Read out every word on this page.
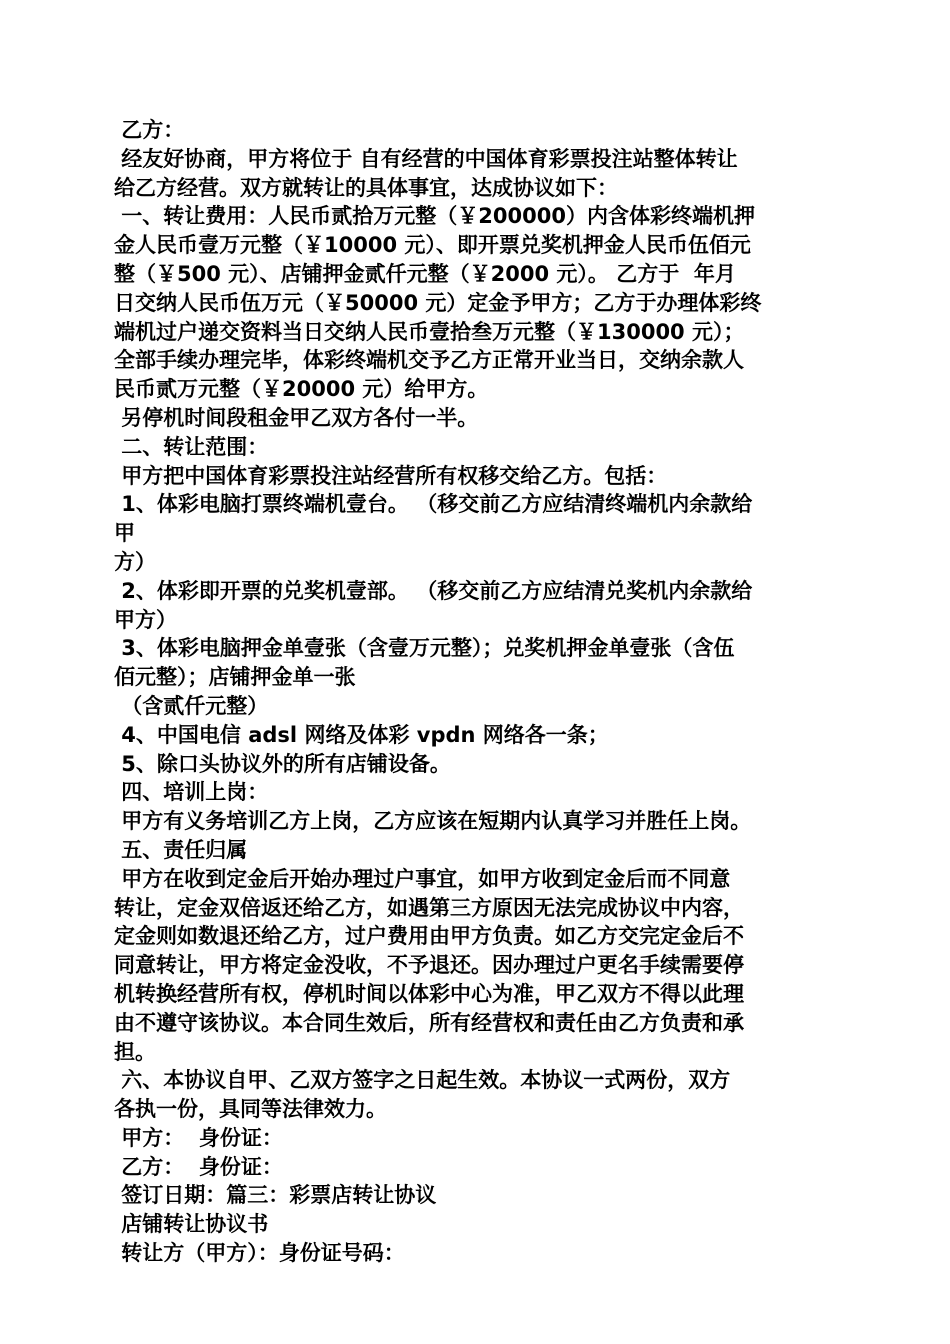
乙方：
经友好协商，甲方将位于 自有经营的中国体育彩票投注站整体转让
给乙方经营。双方就转让的具体事宜，达成协议如下：
一、转让费用：人民币贰拾万元整（￥200000）内含体彩终端机押
金人民币壹万元整（￥10000 元）、即开票兑奖机押金人民币伍佰元
整（￥500 元）、店铺押金贰仟元整（￥2000 元）。 乙方于  年月
日交纳人民币伍万元（￥50000 元）定金予甲方；乙方于办理体彩终
端机过户递交资料当日交纳人民币壹拾叁万元整（￥130000 元）；
全部手续办理完毕，体彩终端机交予乙方正常开业当日，交纳余款人
民币贰万元整（￥20000 元）给甲方。
另停机时间段租金甲乙双方各付一半。
二、转让范围：
甲方把中国体育彩票投注站经营所有权移交给乙方。包括：
1、体彩电脑打票终端机壹台。 （移交前乙方应结清终端机内余款给
甲
方）
2、体彩即开票的兑奖机壹部。 （移交前乙方应结清兑奖机内余款给
甲方）
3、体彩电脑押金单壹张（含壹万元整）；兑奖机押金单壹张（含伍
佰元整）；店铺押金单一张
（含贰仟元整）
4、中国电信 adsl 网络及体彩 vpdn 网络各一条；
5、除口头协议外的所有店铺设备。
四、培训上岗：
甲方有义务培训乙方上岗，乙方应该在短期内认真学习并胜任上岗。
五、责任归属
甲方在收到定金后开始办理过户事宜，如甲方收到定金后而不同意
转让，定金双倍返还给乙方，如遇第三方原因无法完成协议中内容，
定金则如数退还给乙方，过户费用由甲方负责。如乙方交完定金后不
同意转让，甲方将定金没收，不予退还。因办理过户更名手续需要停
机转换经营所有权，停机时间以体彩中心为准，甲乙双方不得以此理
由不遵守该协议。本合同生效后，所有经营权和责任由乙方负责和承
担。
六、本协议自甲、乙双方签字之日起生效。本协议一式两份，双方
各执一份，具同等法律效力。
甲方：  身份证：
乙方：  身份证：
签订日期：篇三：彩票店转让协议
店铺转让协议书
转让方（甲方）：身份证号码：
